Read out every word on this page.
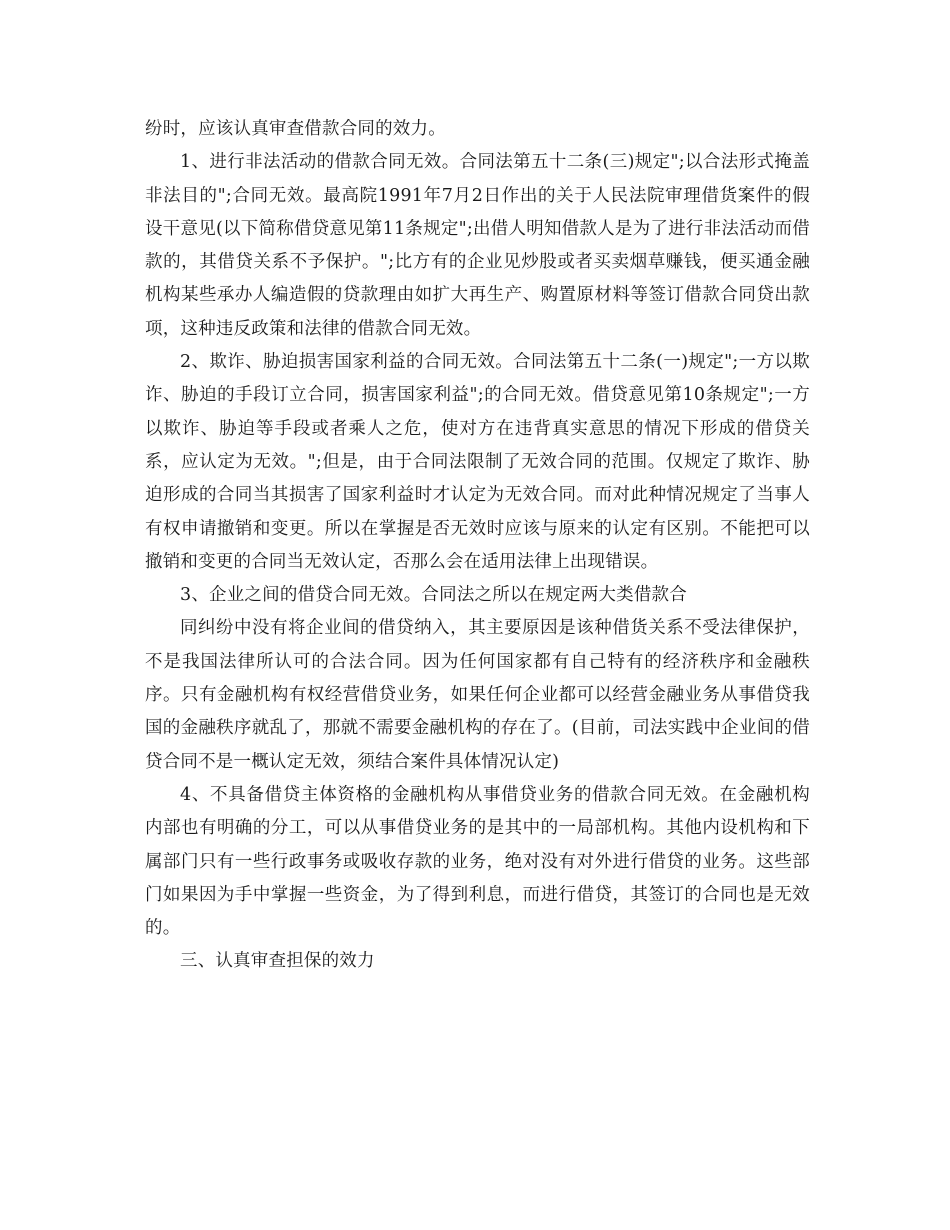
纷时，应该认真审查借款合同的效力。

1、进行非法活动的借款合同无效。合同法第五十二条(三)规定";以合法形式掩盖非法目的";合同无效。最高院1991年7月2日作出的关于人民法院审理借货案件的假设干意见(以下简称借贷意见第11条规定";出借人明知借款人是为了进行非法活动而借款的，其借贷关系不予保护。";比方有的企业见炒股或者买卖烟草赚钱，便买通金融机构某些承办人编造假的贷款理由如扩大再生产、购置原材料等签订借款合同贷出款项，这种违反政策和法律的借款合同无效。

2、欺诈、胁迫损害国家利益的合同无效。合同法第五十二条(一)规定";一方以欺诈、胁迫的手段订立合同，损害国家利益";的合同无效。借贷意见第10条规定";一方以欺诈、胁迫等手段或者乘人之危，使对方在违背真实意思的情况下形成的借贷关系，应认定为无效。";但是，由于合同法限制了无效合同的范围。仅规定了欺诈、胁迫形成的合同当其损害了国家利益时才认定为无效合同。而对此种情况规定了当事人有权申请撤销和变更。所以在掌握是否无效时应该与原来的认定有区别。不能把可以撤销和变更的合同当无效认定，否那么会在适用法律上出现错误。

3、企业之间的借贷合同无效。合同法之所以在规定两大类借款合

同纠纷中没有将企业间的借贷纳入，其主要原因是该种借货关系不受法律保护，不是我国法律所认可的合法合同。因为任何国家都有自己特有的经济秩序和金融秩序。只有金融机构有权经营借贷业务，如果任何企业都可以经营金融业务从事借贷我国的金融秩序就乱了，那就不需要金融机构的存在了。(目前，司法实践中企业间的借贷合同不是一概认定无效，须结合案件具体情况认定)

4、不具备借贷主体资格的金融机构从事借贷业务的借款合同无效。在金融机构内部也有明确的分工，可以从事借贷业务的是其中的一局部机构。其他内设机构和下属部门只有一些行政事务或吸收存款的业务，绝对没有对外进行借贷的业务。这些部门如果因为手中掌握一些资金，为了得到利息，而进行借贷，其签订的合同也是无效的。

三、认真审查担保的效力
